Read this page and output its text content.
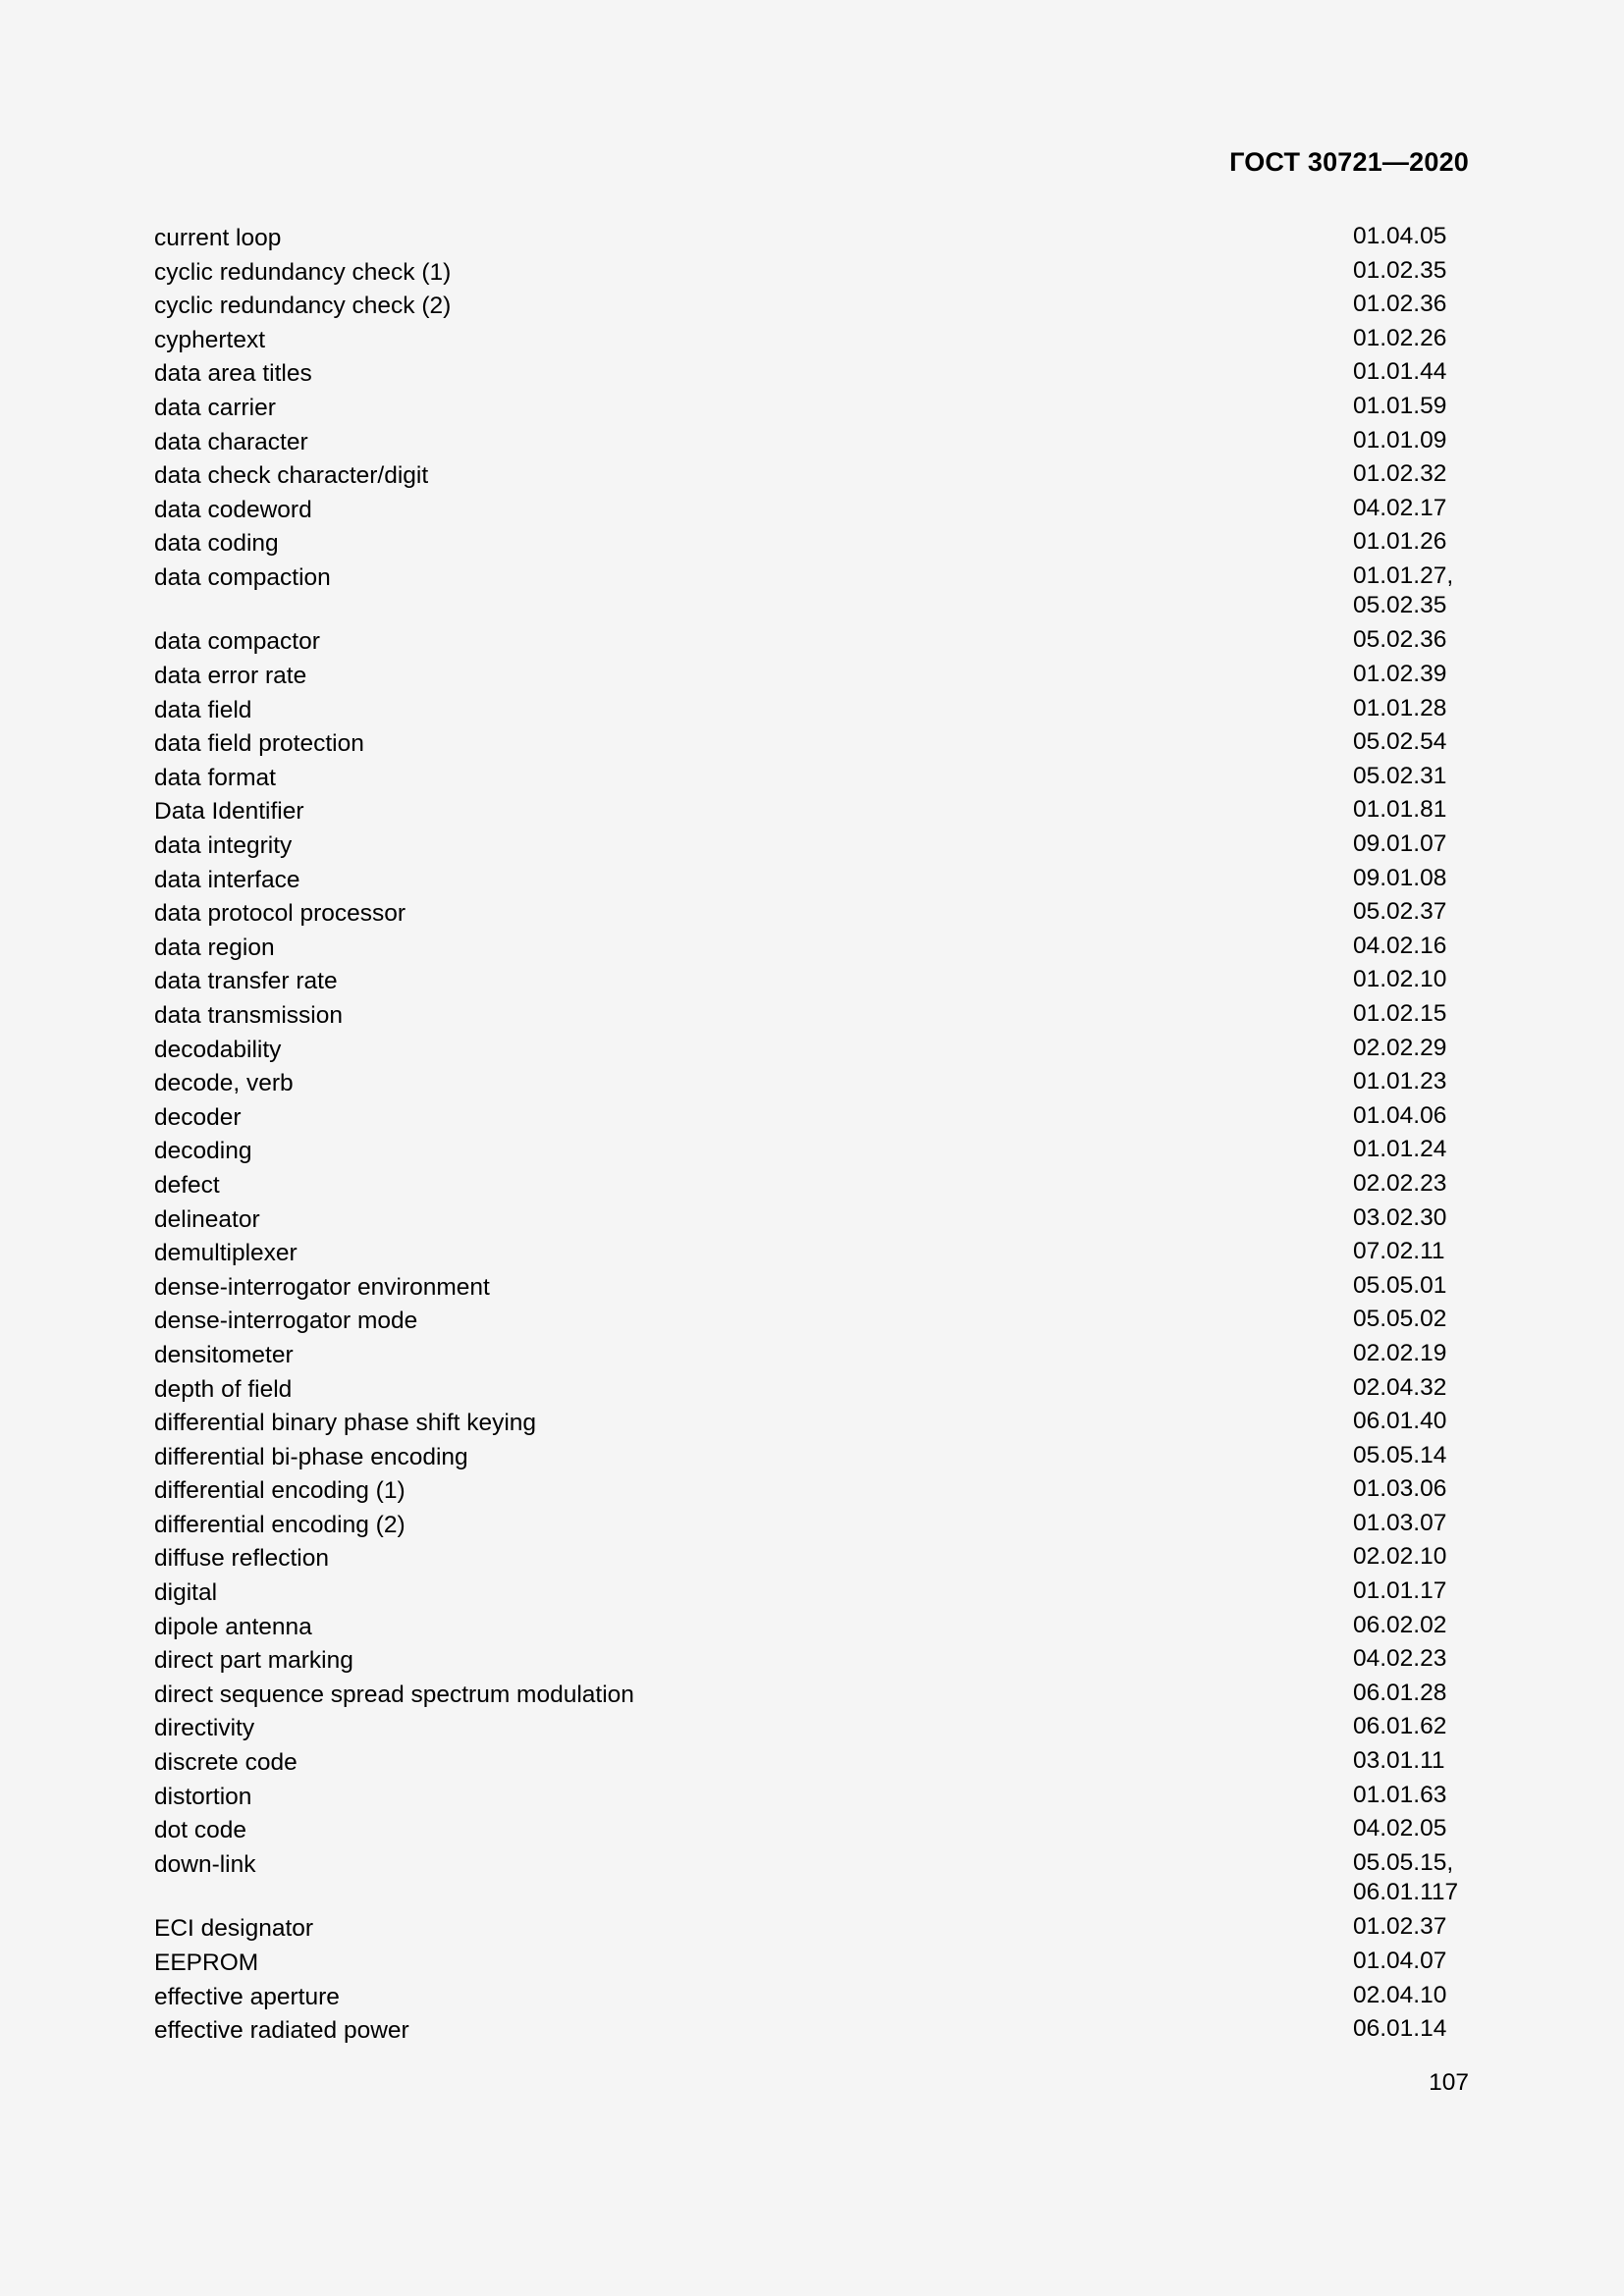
ГОСТ 30721—2020
current loop	01.04.05
cyclic redundancy check (1)	01.02.35
cyclic redundancy check (2)	01.02.36
cyphertext	01.02.26
data area titles	01.01.44
data carrier	01.01.59
data character	01.01.09
data check character/digit	01.02.32
data codeword	04.02.17
data coding	01.01.26
data compaction	01.01.27,
05.02.35
data compactor	05.02.36
data error rate	01.02.39
data field	01.01.28
data field protection	05.02.54
data format	05.02.31
Data Identifier	01.01.81
data integrity	09.01.07
data interface	09.01.08
data protocol processor	05.02.37
data region	04.02.16
data transfer rate	01.02.10
data transmission	01.02.15
decodability	02.02.29
decode, verb	01.01.23
decoder	01.04.06
decoding	01.01.24
defect	02.02.23
delineator	03.02.30
demultiplexer	07.02.11
dense-interrogator environment	05.05.01
dense-interrogator mode	05.05.02
densitometer	02.02.19
depth of field	02.04.32
differential binary phase shift keying	06.01.40
differential bi-phase encoding	05.05.14
differential encoding (1)	01.03.06
differential encoding (2)	01.03.07
diffuse reflection	02.02.10
digital	01.01.17
dipole antenna	06.02.02
direct part marking	04.02.23
direct sequence spread spectrum modulation	06.01.28
directivity	06.01.62
discrete code	03.01.11
distortion	01.01.63
dot code	04.02.05
down-link	05.05.15,
06.01.117
ECI designator	01.02.37
EEPROM	01.04.07
effective aperture	02.04.10
effective radiated power	06.01.14
107
